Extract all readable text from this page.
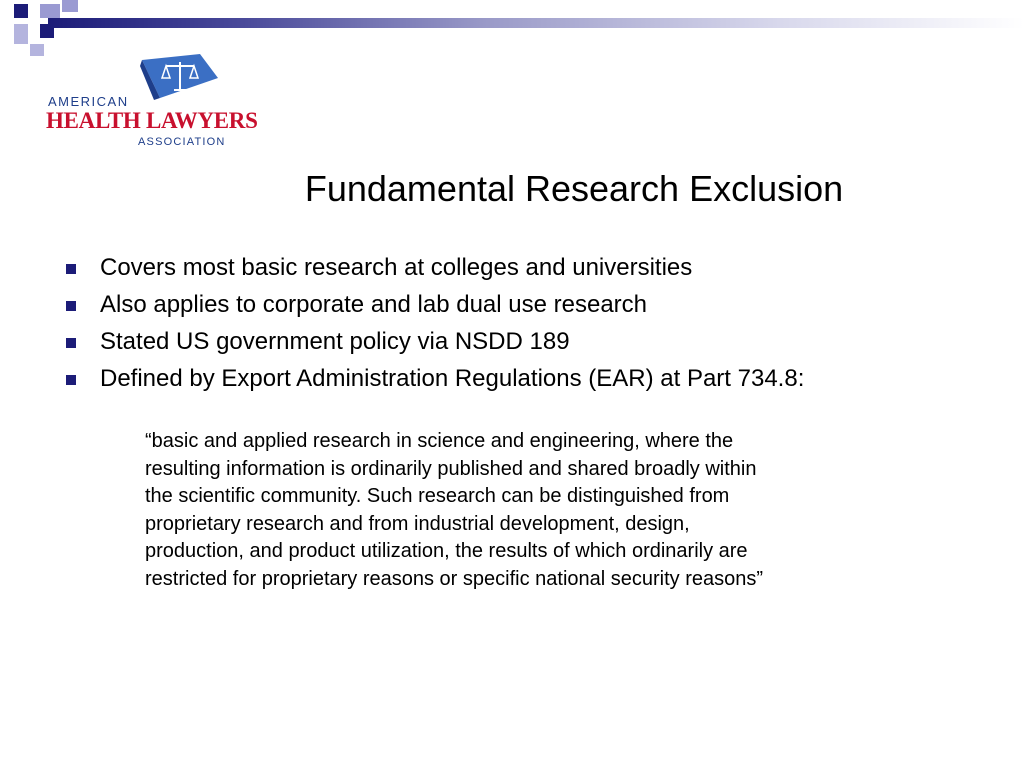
AMERICAN
HEALTH LAWYERS
ASSOCIATION
Fundamental Research Exclusion
Covers most basic research at colleges and universities
Also applies to corporate and lab dual use research
Stated US government policy via NSDD 189
Defined by Export Administration Regulations (EAR) at Part 734.8:

“basic and applied research in science and engineering, where the
resulting information is ordinarily published and shared broadly within
the scientific community. Such research can be distinguished from
proprietary research and from industrial development, design,
production, and product utilization, the results of which ordinarily are
restricted for proprietary reasons or specific national security reasons”
